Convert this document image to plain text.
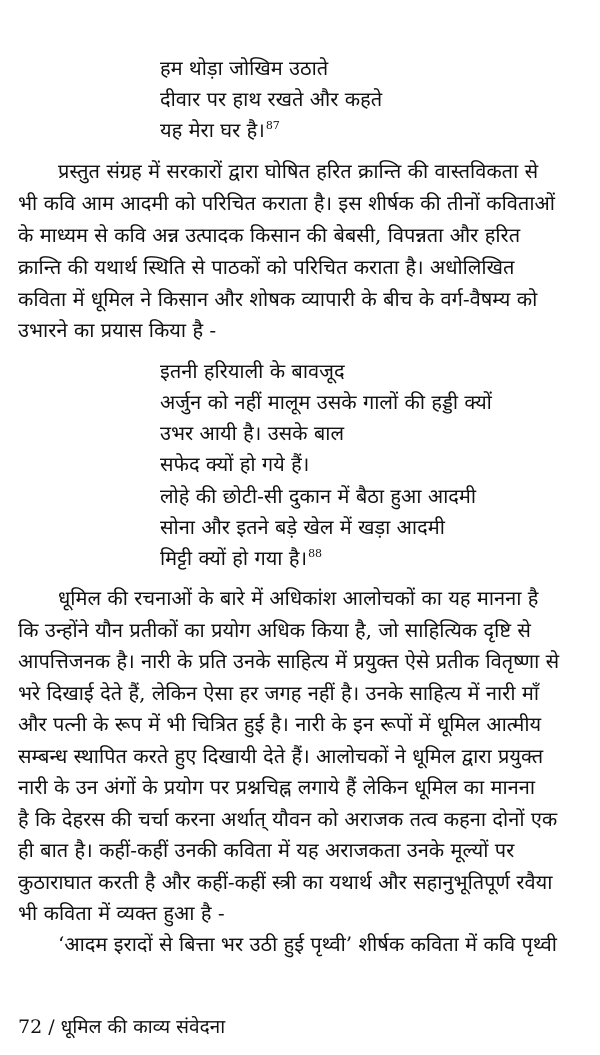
हम थोड़ा जोखिम उठाते
दीवार पर हाथ रखते और कहते
यह मेरा घर है।$^{87}$
प्रस्तुत संग्रह में सरकारों द्वारा घोषित हरित क्रान्ति की वास्तविकता से
भी कवि आम आदमी को परिचित कराता है। इस शीर्षक की तीनों कविताओं
के माध्यम से कवि अन्न उत्पादक किसान की बेबसी, विपन्नता और हरित
क्रान्ति की यथार्थ स्थिति से पाठकों को परिचित कराता है। अधोलिखित
कविता में धूमिल ने किसान और शोषक व्यापारी के बीच के वर्ग-वैषम्य को
उभारने का प्रयास किया है -
इतनी हरियाली के बावजूद
अर्जुन को नहीं मालूम उसके गालों की हड्डी क्यों
उभर आयी है। उसके बाल
सफेद क्यों हो गये हैं।
लोहे की छोटी-सी दुकान में बैठा हुआ आदमी
सोना और इतने बड़े खेल में खड़ा आदमी
मिट्टी क्यों हो गया है।$^{88}$
धूमिल की रचनाओं के बारे में अधिकांश आलोचकों का यह मानना है
कि उन्होंने यौन प्रतीकों का प्रयोग अधिक किया है, जो साहित्यिक दृष्टि से
आपत्तिजनक है। नारी के प्रति उनके साहित्य में प्रयुक्त ऐसे प्रतीक वितृष्णा से
भरे दिखाई देते हैं, लेकिन ऐसा हर जगह नहीं है। उनके साहित्य में नारी माँ
और पत्नी के रूप में भी चित्रित हुई है। नारी के इन रूपों में धूमिल आत्मीय
सम्बन्ध स्थापित करते हुए दिखायी देते हैं। आलोचकों ने धूमिल द्वारा प्रयुक्त
नारी के उन अंगों के प्रयोग पर प्रश्नचिह्न लगाये हैं लेकिन धूमिल का मानना
है कि देहरस की चर्चा करना अर्थात् यौवन को अराजक तत्व कहना दोनों एक
ही बात है। कहीं-कहीं उनकी कविता में यह अराजकता उनके मूल्यों पर
कुठाराघात करती है और कहीं-कहीं स्त्री का यथार्थ और सहानुभूतिपूर्ण रवैया
भी कविता में व्यक्त हुआ है -
‘आदम इरादों से बित्ता भर उठी हुई पृथ्वी’ शीर्षक कविता में कवि पृथ्वी
72 / धूमिल की काव्य संवेदना
